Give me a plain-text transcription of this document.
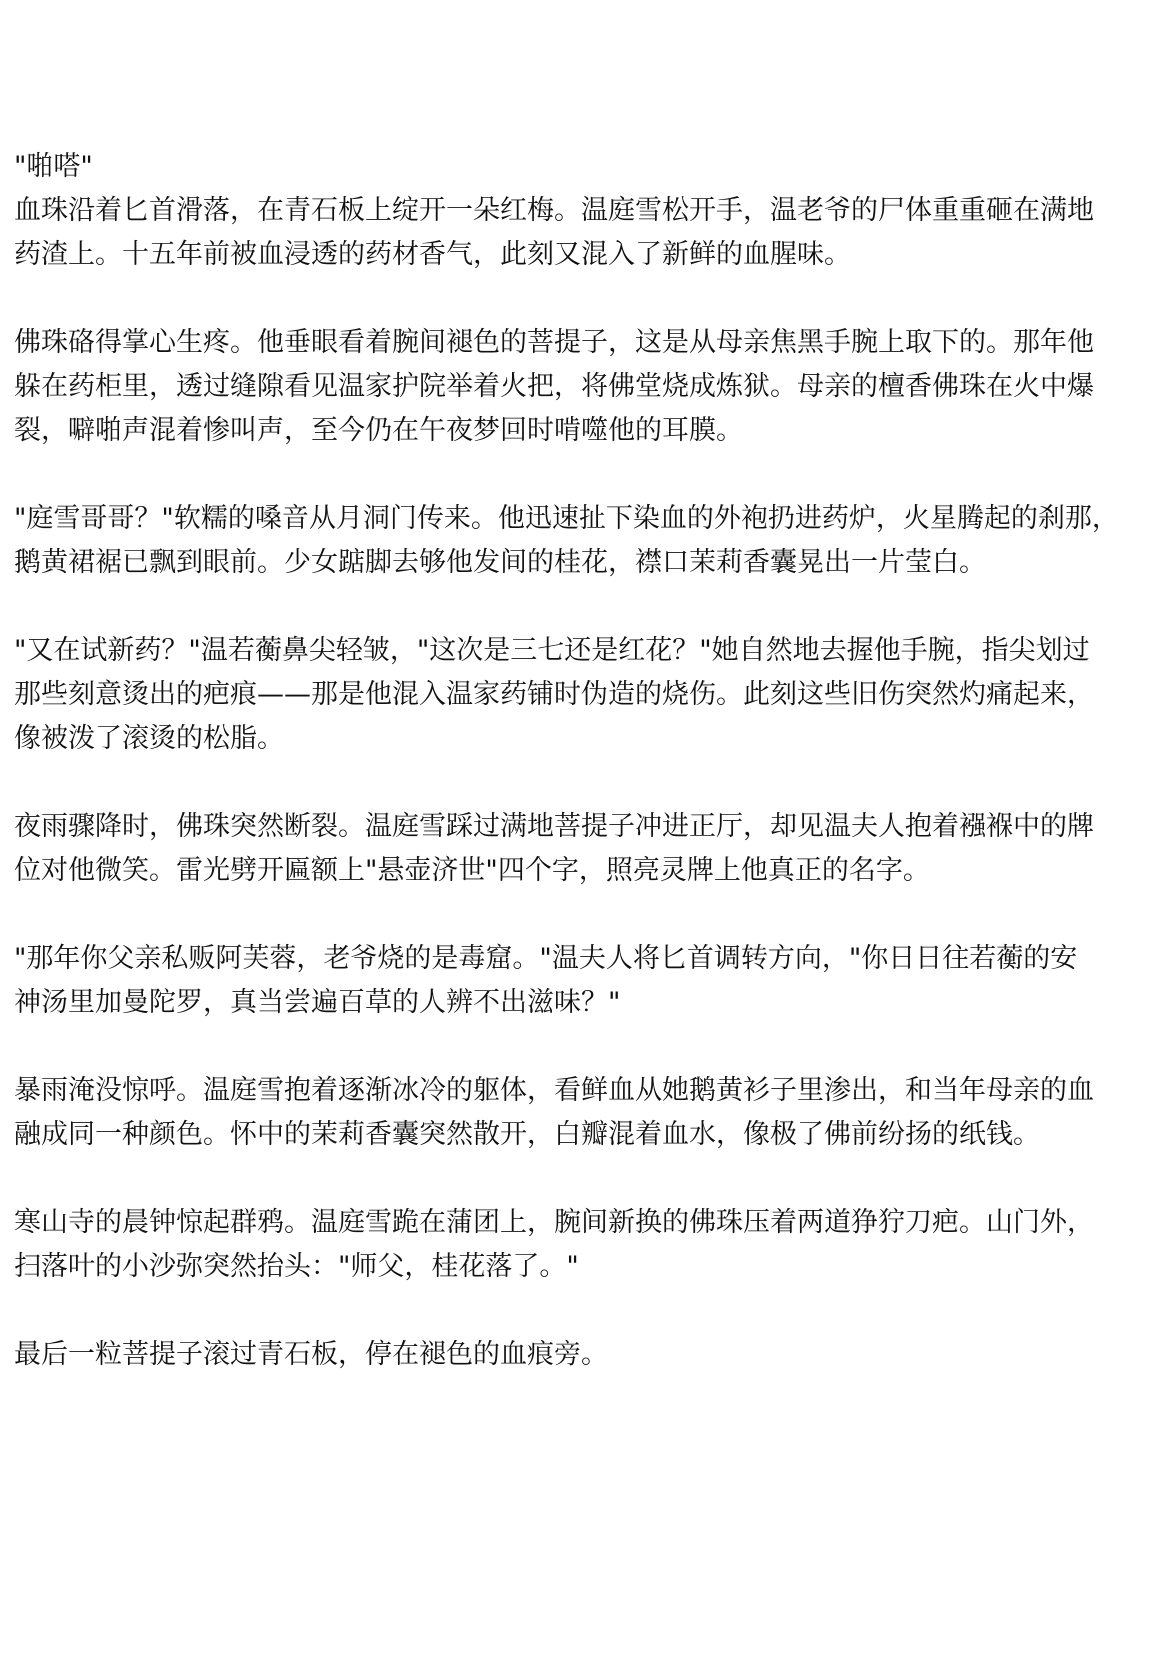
"啪嗒"
血珠沿着匕首滑落，在青石板上绽开一朵红梅。温庭雪松开手，温老爷的尸体重重砸在满地
药渣上。十五年前被血浸透的药材香气，此刻又混入了新鲜的血腥味。
佛珠硌得掌心生疼。他垂眼看着腕间褪色的菩提子，这是从母亲焦黑手腕上取下的。那年他
躲在药柜里，透过缝隙看见温家护院举着火把，将佛堂烧成炼狱。母亲的檀香佛珠在火中爆
裂，噼啪声混着惨叫声，至今仍在午夜梦回时啃噬他的耳膜。
"庭雪哥哥？"软糯的嗓音从月洞门传来。他迅速扯下染血的外袍扔进药炉，火星腾起的刹那，
鹅黄裙裾已飘到眼前。少女踮脚去够他发间的桂花，襟口茉莉香囊晃出一片莹白。
"又在试新药？"温若蘅鼻尖轻皱，"这次是三七还是红花？"她自然地去握他手腕，指尖划过
那些刻意烫出的疤痕——那是他混入温家药铺时伪造的烧伤。此刻这些旧伤突然灼痛起来，
像被泼了滚烫的松脂。
夜雨骤降时，佛珠突然断裂。温庭雪踩过满地菩提子冲进正厅，却见温夫人抱着襁褓中的牌
位对他微笑。雷光劈开匾额上"悬壶济世"四个字，照亮灵牌上他真正的名字。
"那年你父亲私贩阿芙蓉，老爷烧的是毒窟。"温夫人将匕首调转方向，"你日日往若蘅的安
神汤里加曼陀罗，真当尝遍百草的人辨不出滋味？"
暴雨淹没惊呼。温庭雪抱着逐渐冰冷的躯体，看鲜血从她鹅黄衫子里渗出，和当年母亲的血
融成同一种颜色。怀中的茉莉香囊突然散开，白瓣混着血水，像极了佛前纷扬的纸钱。
寒山寺的晨钟惊起群鸦。温庭雪跪在蒲团上，腕间新换的佛珠压着两道狰狞刀疤。山门外，
扫落叶的小沙弥突然抬头："师父，桂花落了。"
最后一粒菩提子滚过青石板，停在褪色的血痕旁。
